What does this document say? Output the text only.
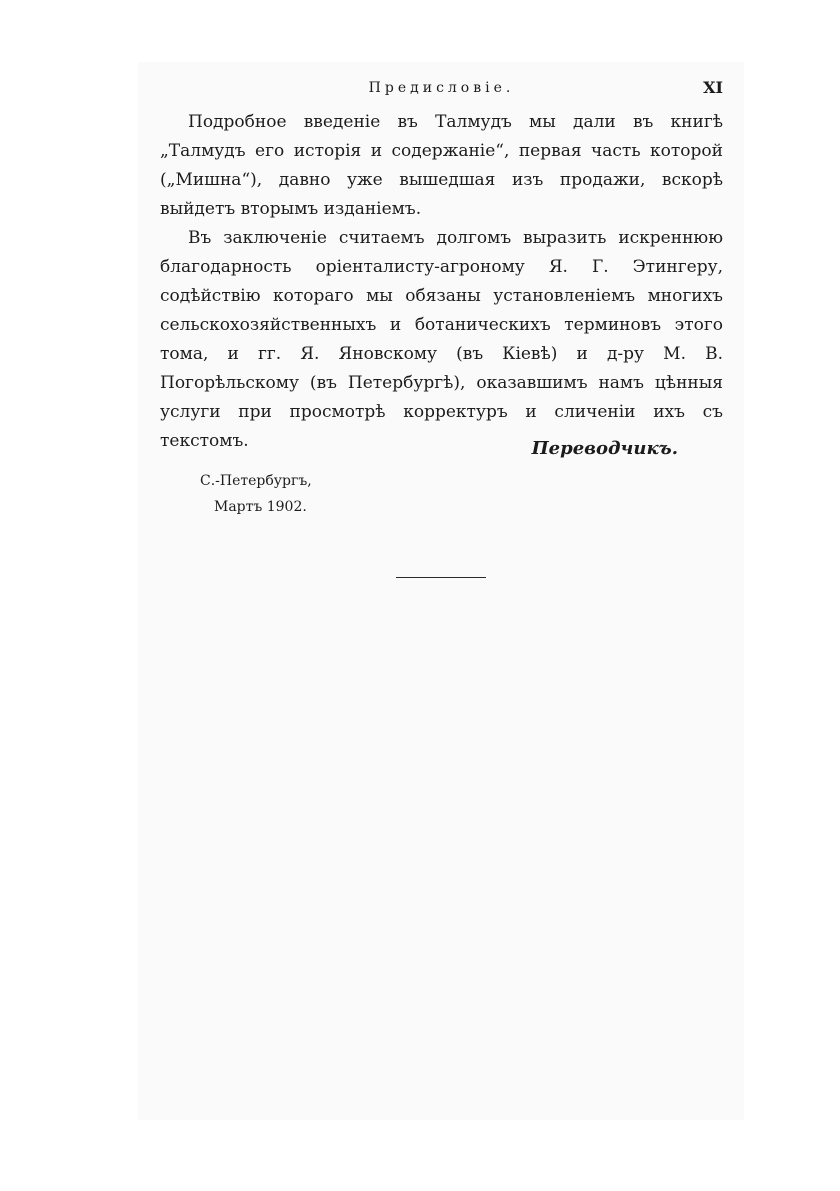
Предисловіе.	XI

Подробное введеніе въ Талмудъ мы дали въ книгѣ „Талмудъ его исторія и содержаніе“, первая часть которой („Мишна“), давно уже вышедшая изъ продажи, вскорѣ выйдетъ вторымъ изданіемъ.

Въ заключеніе считаемъ долгомъ выразить искреннюю благодарность оріенталисту-агроному Я. Г. Этингеру, содѣйствію котораго мы обязаны установленіемъ многихъ сельскохозяйственныхъ и ботаническихъ терминовъ этого тома, и гг. Я. Яновскому (въ Кіевѣ) и д-ру М. В. Погорѣльскому (въ Петербургѣ), оказавшимъ намъ цѣнныя услуги при просмотрѣ корректуръ и сличеніи ихъ съ текстомъ.	Переводчикъ.
С.-Петербургъ,
Мартъ 1902.
